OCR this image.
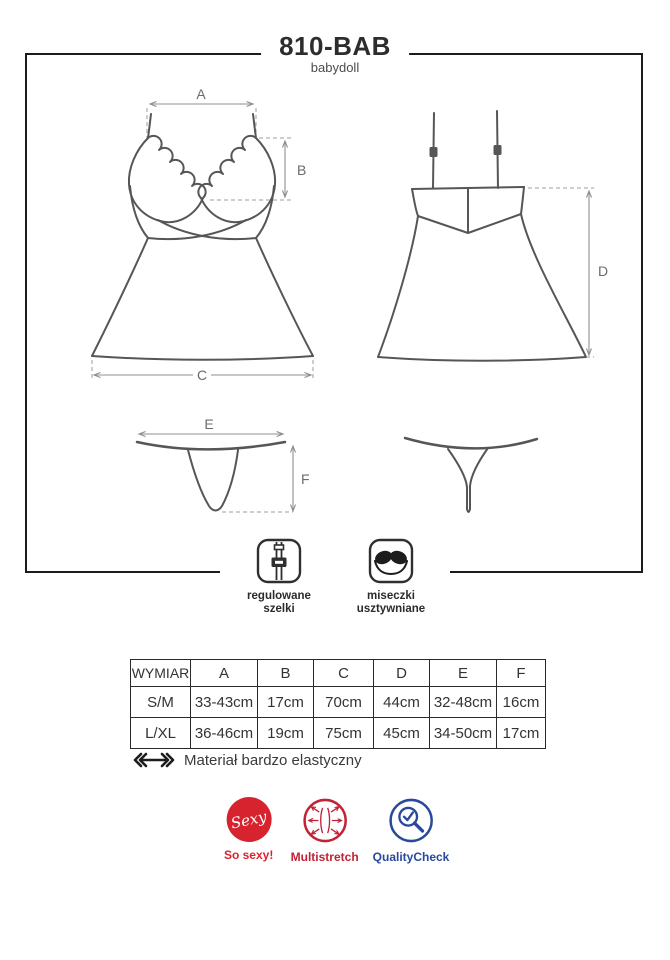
810-BAB
babydoll
A
C
B
D
E
F
regulowane
szelki
miseczki
usztywniane
WYMIAR	A	B	C	D	E	F
S/M	33-43cm	17cm	70cm	44cm	32-48cm	16cm
L/XL	36-46cm	19cm	75cm	45cm	34-50cm	17cm
Materiał bardzo elastyczny
Sexy
So sexy! Multistretch QualityCheck
